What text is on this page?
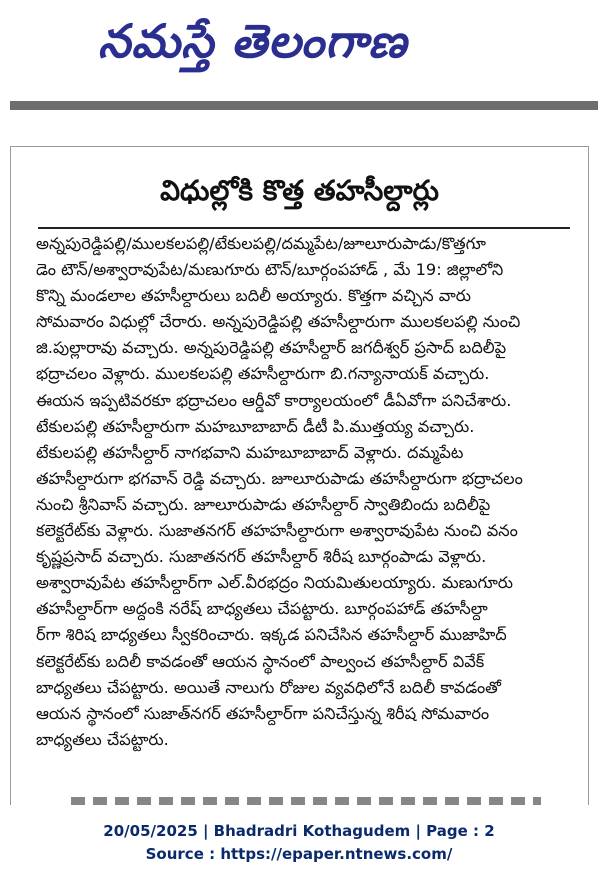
నమస్తే తెలంగాణ
విధుల్లోకి కొత్త తహసీల్దార్లు
అన్నపురెడ్డిపల్లి/ములకలపల్లి/టేకులపల్లి/దమ్మపేట/జూలూరుపాడు/కొత్తగూ
డెం టౌన్/అశ్వారావుపేట/మణుగూరు టౌన్/బూర్గంపహాడ్ , మే 19: జిల్లాలోని
కొన్ని మండలాల తహసీల్దారులు బదిలీ అయ్యారు. కొత్తగా వచ్చిన వారు
సోమవారం విధుల్లో చేరారు. అన్నపురెడ్డిపల్లి తహసీల్దారుగా ములకలపల్లి నుంచి
జి.పుల్లారావు వచ్చారు. అన్నపురెడ్డిపల్లి తహసీల్దార్ జగదీశ్వర్ ప్రసాద్ బదిలీపై
భద్రాచలం వెళ్లారు. ములకలపల్లి తహసీల్దారుగా బి.గన్యానాయక్ వచ్చారు.
ఈయన ఇప్పటివరకూ భద్రాచలం ఆర్డీవో కార్యాలయంలో డీఏవోగా పనిచేశారు.
టేకులపల్లి తహసీల్దారుగా మహబూబాబాద్ డీటీ పి.ముత్తయ్య వచ్చారు.
టేకులపల్లి తహసీల్దార్ నాగభవాని మహబూబాబాద్ వెళ్లారు. దమ్మపేట
తహసీల్దారుగా భగవాన్ రెడ్డి వచ్చారు. జూలూరుపాడు తహసీల్దారుగా భద్రాచలం
నుంచి శ్రీనివాస్ వచ్చారు. జూలూరుపాడు తహసీల్దార్ స్వాతిబిందు బదిలీపై
కలెక్టరేట్‌కు వెళ్లారు. సుజాతనగర్ తహహసీల్దారుగా అశ్వారావుపేట నుంచి వనం
కృష్ణప్రసాద్ వచ్చారు. సుజాతనగర్ తహసీల్దార్ శిరీష బూర్గంపాడు వెళ్లారు.
అశ్వారావుపేట తహసీల్దార్‌గా ఎల్.వీరభద్రం నియమితులయ్యారు. మణుగూరు
తహసీల్దార్‌గా అద్దంకి నరేష్ బాధ్యతలు చేపట్టారు. బూర్గంపహాడ్ తహసీల్దా
ర్‌గా శిరిష బాధ్యతలు స్వీకరించారు. ఇక్కడ పనిచేసిన తహసీల్దార్ ముజాహిద్
కలెక్టరేట్‌కు బదిలీ కావడంతో ఆయన స్థానంలో పాల్వంచ తహసీల్దార్ వివేక్
బాధ్యతలు చేపట్టారు. అయితే నాలుగు రోజుల వ్యవధిలోనే బదిలీ కావడంతో
ఆయన స్థానంలో సుజాత్‌నగర్ తహసీల్దార్‌గా పనిచేస్తున్న శిరీష సోమవారం
బాధ్యతలు చేపట్టారు.
20/05/2025 | Bhadradri Kothagudem | Page : 2
Source : https://epaper.ntnews.com/
